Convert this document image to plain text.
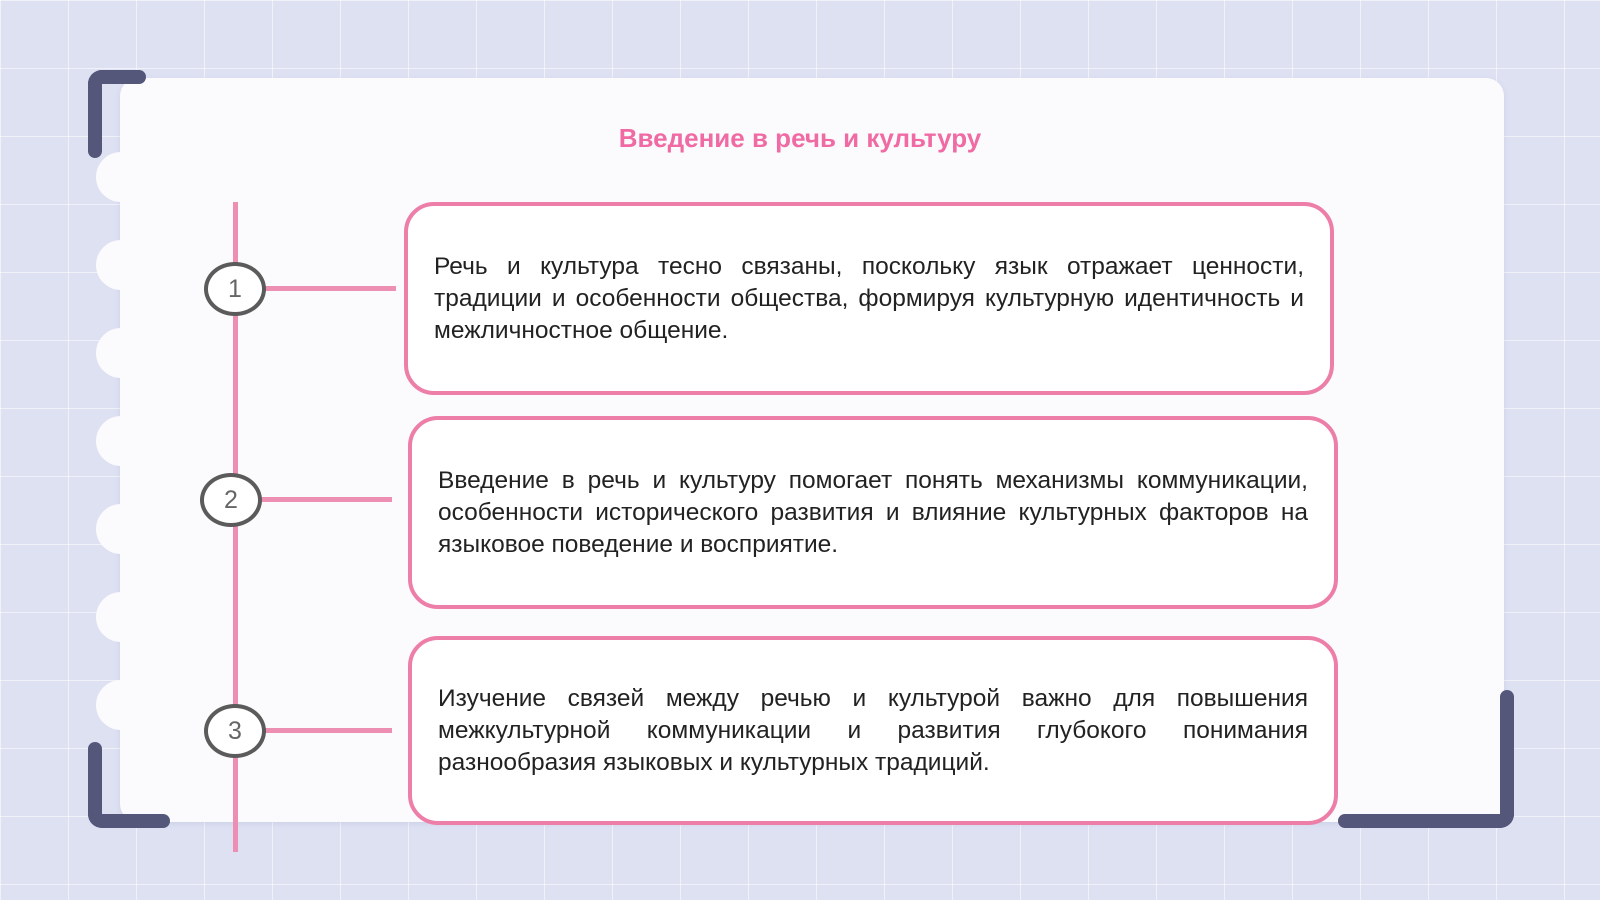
Введение в речь и культуру
1
2
3

Речь и культура тесно связаны, поскольку язык отражает ценности, традиции и особенности общества, формируя культурную идентичность и межличностное общение.

Введение в речь и культуру помогает понять механизмы коммуникации, особенности исторического развития и влияние культурных факторов на языковое поведение и восприятие.

Изучение связей между речью и культурой важно для повышения межкультурной коммуникации и развития глубокого понимания разнообразия языковых и культурных традиций.
